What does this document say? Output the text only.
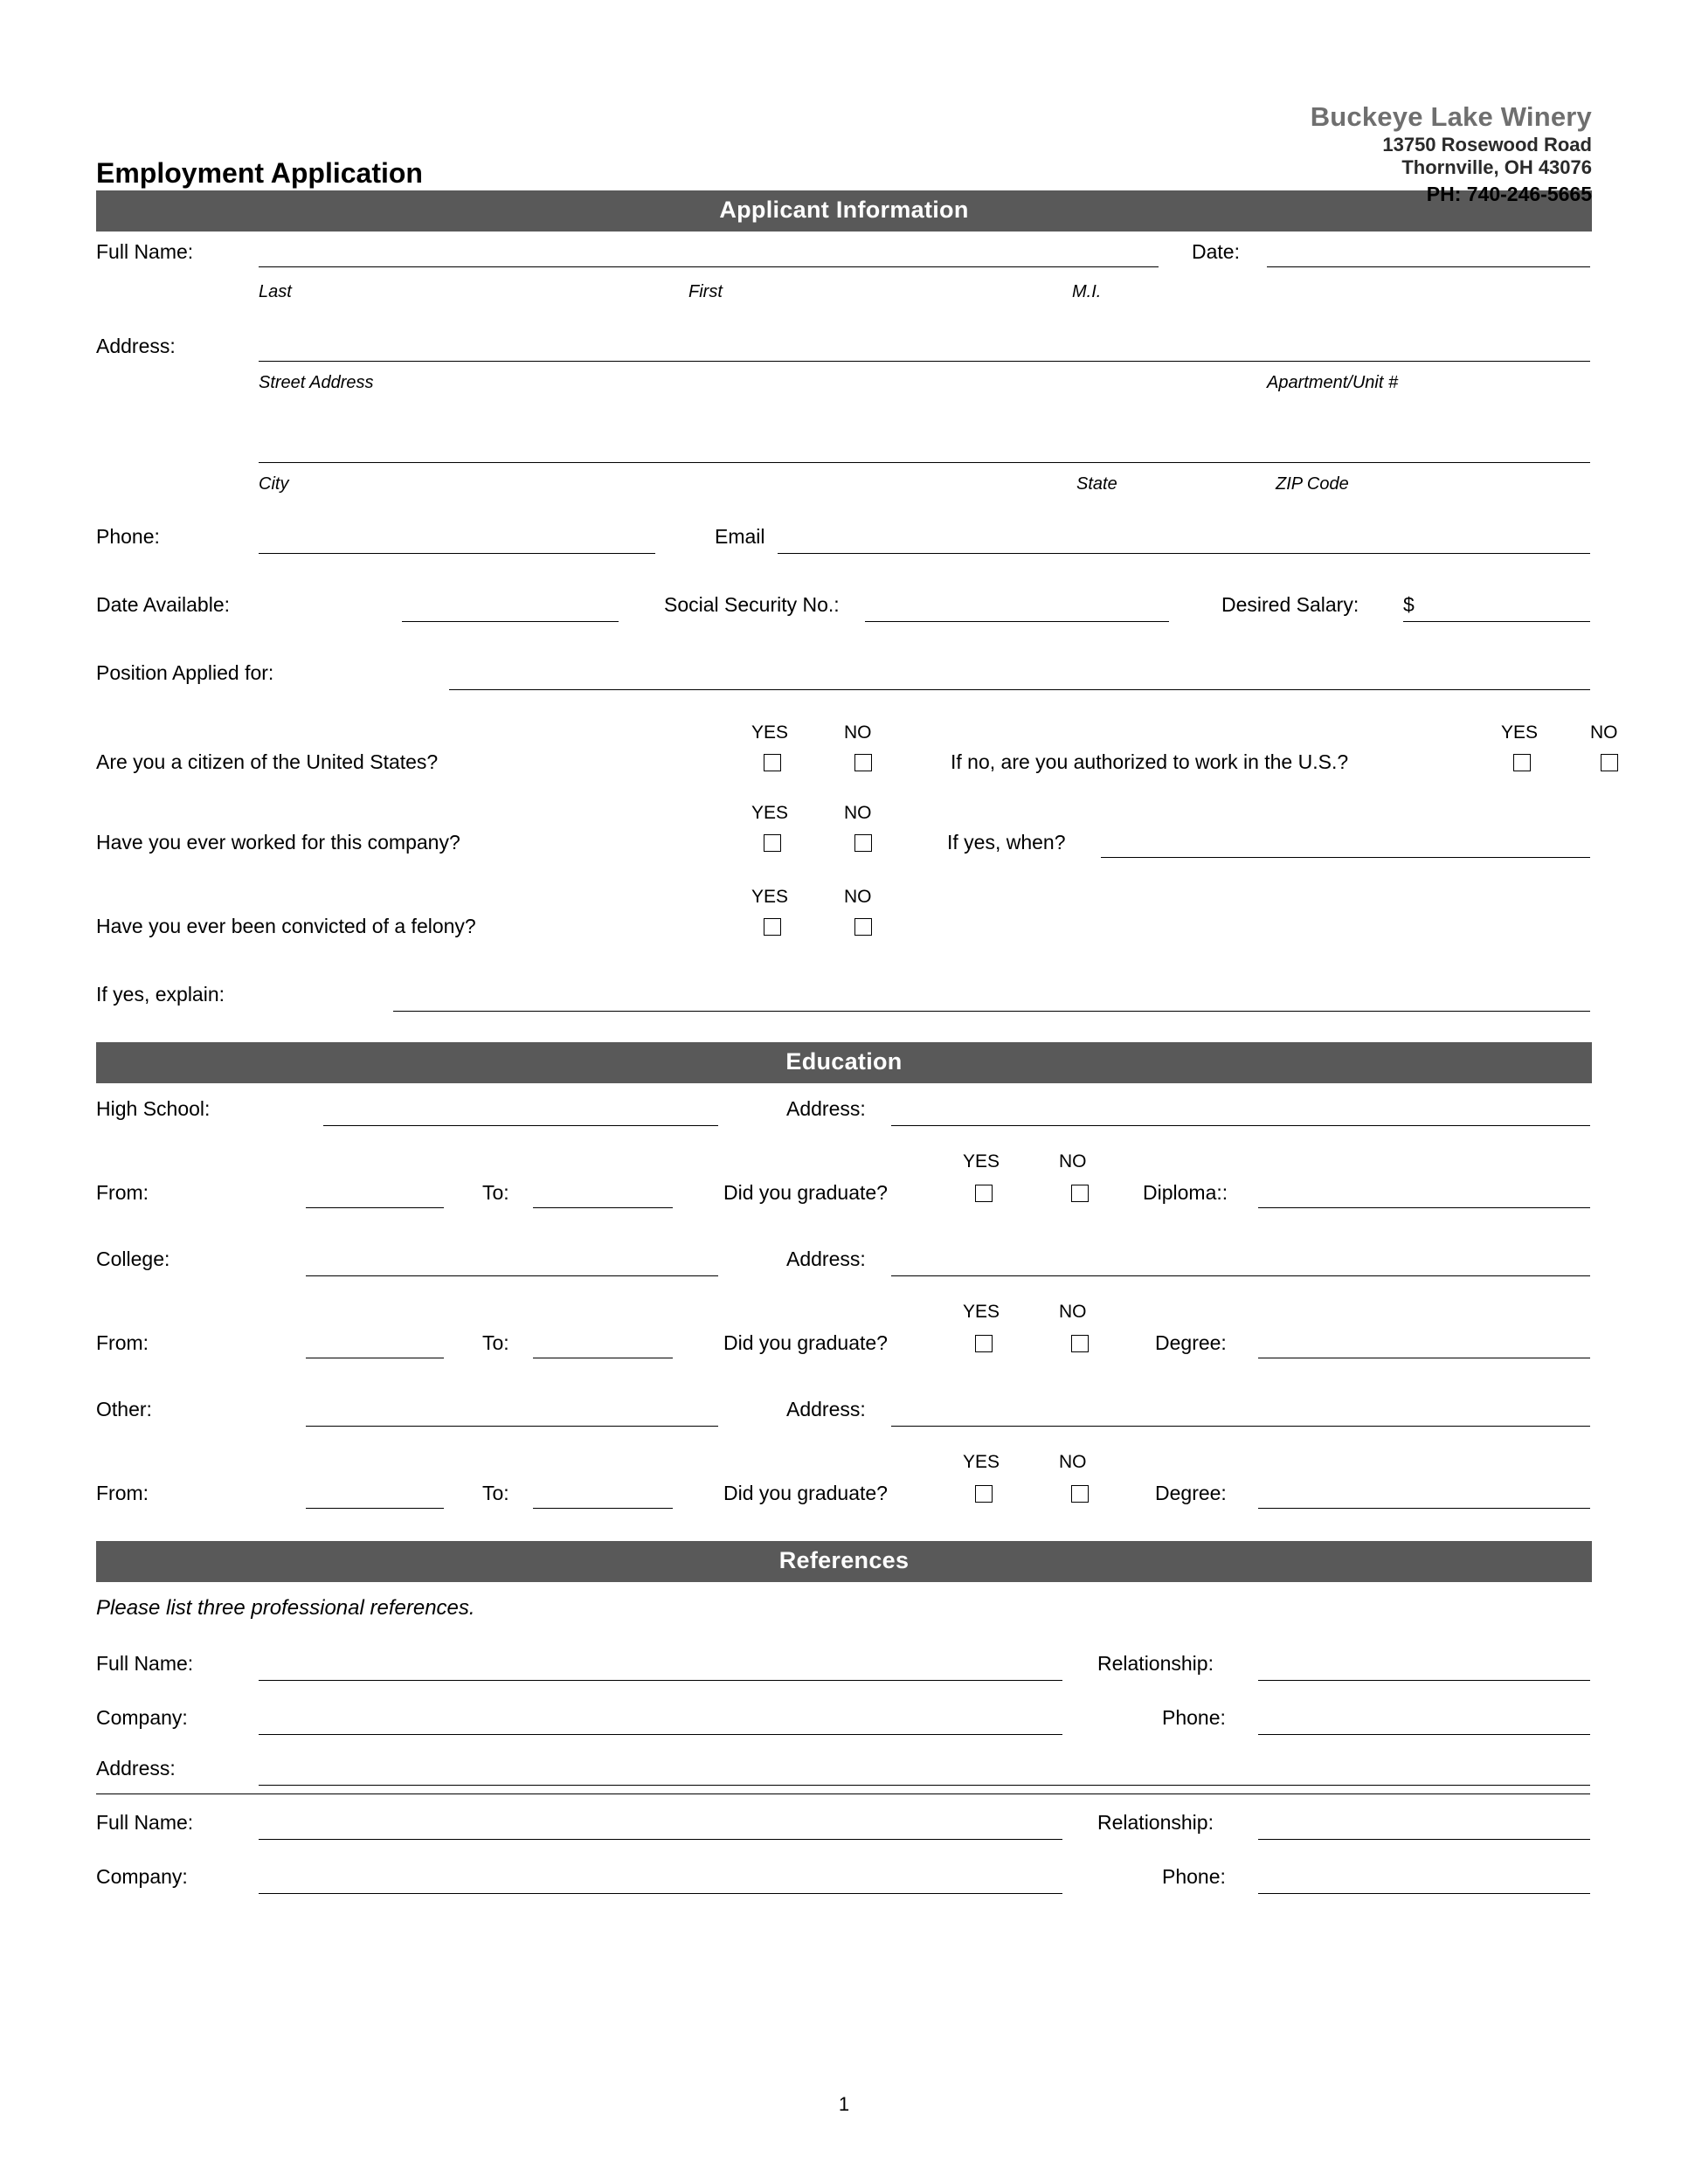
Buckeye Lake Winery
13750 Rosewood Road
Thornville, OH 43076
PH: 740-246-5665
Employment Application
Applicant Information
Full Name:	Date:
Last	First	M.I.
Address:
Street Address	Apartment/Unit #
City	State	ZIP Code
Phone:	Email
Date Available:	Social Security No.:	Desired Salary: $
Position Applied for:
YES	NO
Are you a citizen of the United States?
YES	NO
If no, are you authorized to work in the U.S.?
YES	NO
Have you ever worked for this company?	If yes, when?
YES	NO
Have you ever been convicted of a felony?
If yes, explain:
Education
High School:	Address:
YES	NO
From:	To:	Did you graduate?	Diploma::
College:	Address:
YES	NO
From:	To:	Did you graduate?	Degree:
Other:	Address:
YES	NO
From:	To:	Did you graduate?	Degree:
References
Please list three professional references.
Full Name:	Relationship:
Company:	Phone:
Address:
Full Name:	Relationship:
Company:	Phone:
1
